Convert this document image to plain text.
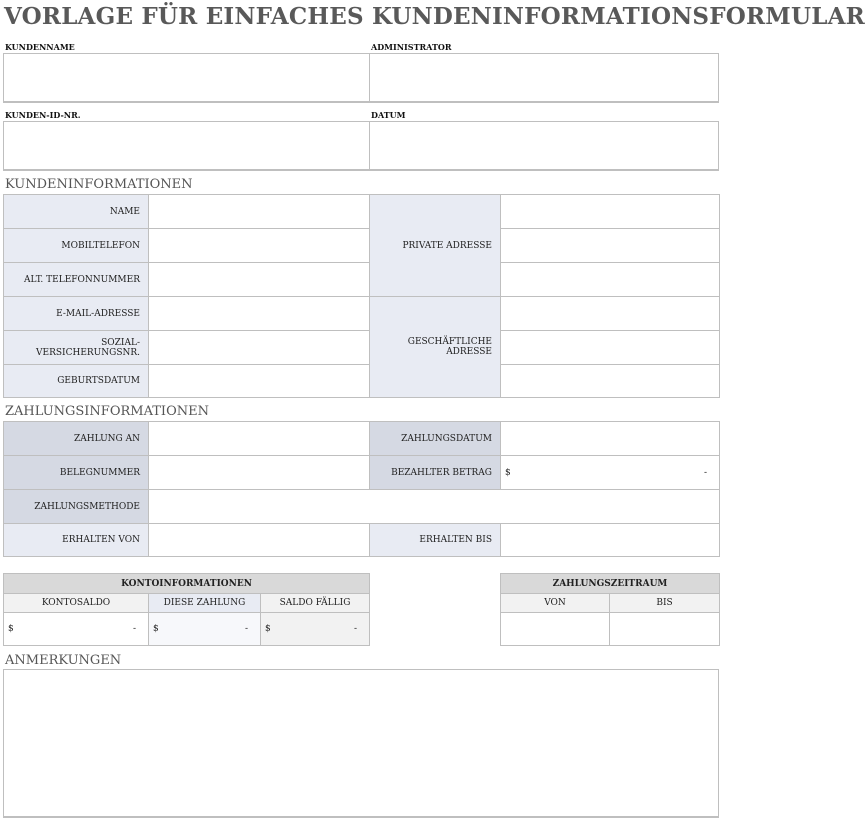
VORLAGE FÜR EINFACHES KUNDENINFORMATIONSFORMULAR
KUNDENNAME	ADMINISTRATOR
KUNDEN-ID-NR.	DATUM
KUNDENINFORMATIONEN
NAME		PRIVATE ADRESSE	
MOBILTELEFON			
ALT. TELEFONNUMMER			
E-MAIL-ADRESSE		GESCHÄFTLICHE ADRESSE	
SOZIAL- VERSICHERUNGSNR.			
GEBURTSDATUM			
ZAHLUNGSINFORMATIONEN
ZAHLUNG AN		ZAHLUNGSDATUM	
BELEGNUMMER		BEZAHLTER BETRAG	$ -

ZAHLUNGSMETHODE			
ERHALTEN VON		ERHALTEN BIS	
KONTOINFORMATIONEN		
KONTOSALDO	DIESE ZAHLUNG	SALDO FÄLLIG

$ -	$ -	$ -
ZAHLUNGSZEITRAUM	
VON	BIS

ANMERKUNGEN
